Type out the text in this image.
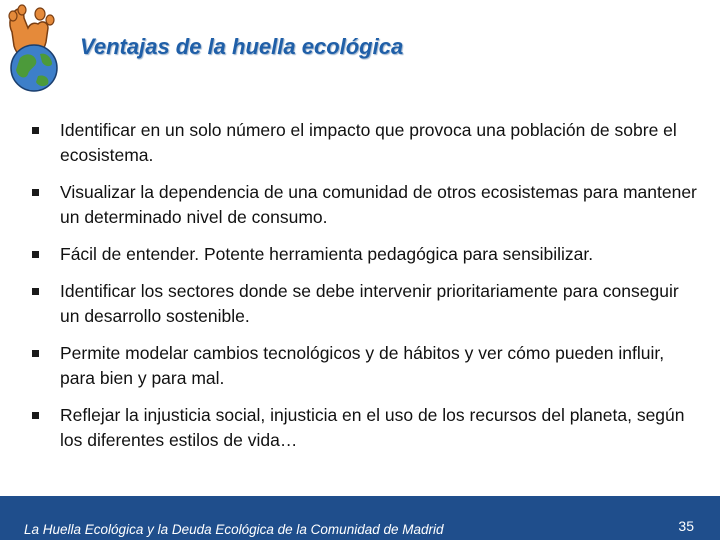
Ventajas de la huella ecológica
Identificar en un solo número el impacto que provoca una población de sobre el ecosistema.
Visualizar la dependencia de una comunidad de otros ecosistemas para mantener un determinado nivel de consumo.
Fácil de entender. Potente herramienta pedagógica para sensibilizar.
Identificar los sectores donde se debe intervenir prioritariamente para conseguir un desarrollo sostenible.
Permite modelar cambios tecnológicos y de hábitos y ver cómo pueden influir, para bien y para mal.
Reflejar la injusticia social, injusticia en el uso de los recursos del planeta, según los diferentes estilos de vida…
La Huella Ecológica y la Deuda Ecológica de la Comunidad de Madrid	35
